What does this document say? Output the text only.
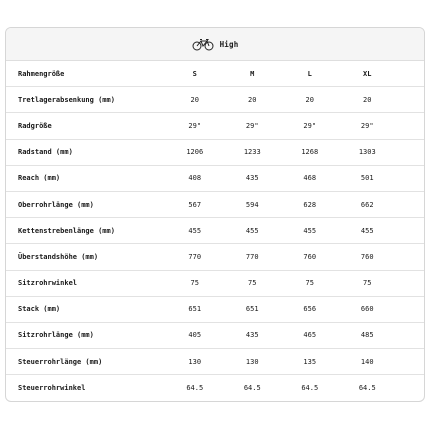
High
Rahmengröße	S	M	L	XL
Tretlagerabsenkung (mm)	20	20	20	20
Radgröße	29"	29"	29"	29"
Radstand (mm)	1206	1233	1268	1303
Reach (mm)	408	435	468	501
Oberrohrlänge (mm)	567	594	628	662
Kettenstrebenlänge (mm)	455	455	455	455
Überstandshöhe (mm)	770	770	760	760
Sitzrohrwinkel	75	75	75	75
Stack (mm)	651	651	656	660
Sitzrohrlänge (mm)	405	435	465	485
Steuerrohrlänge (mm)	130	130	135	140
Steuerrohrwinkel	64.5	64.5	64.5	64.5
